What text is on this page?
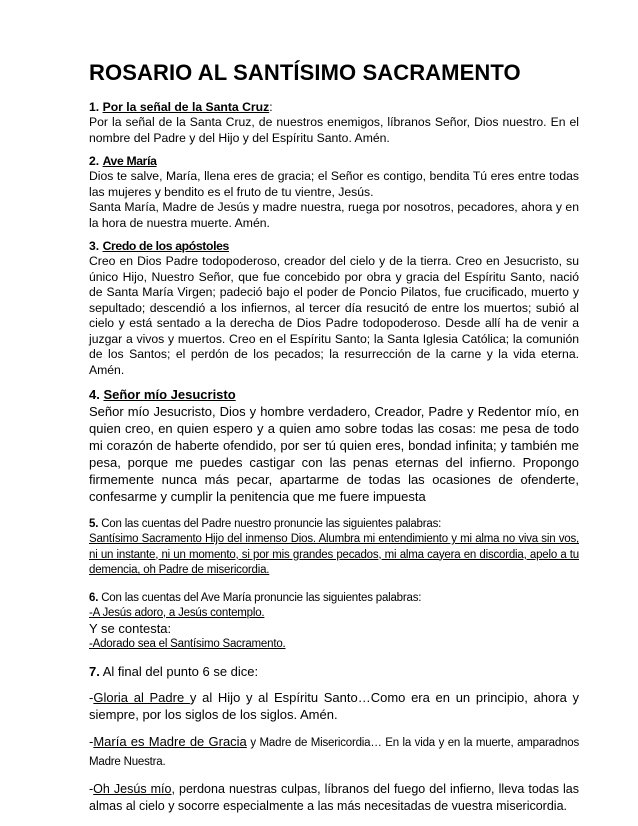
ROSARIO AL SANTÍSIMO SACRAMENTO
1. Por la señal de la Santa Cruz:

Por la señal de la Santa Cruz, de nuestros enemigos, líbranos Señor, Dios nuestro. En el nombre del Padre y del Hijo y del Espíritu Santo. Amén.

2. Ave María

Dios te salve, María, llena eres de gracia; el Señor es contigo, bendita Tú eres entre todas las mujeres y bendito es el fruto de tu vientre, Jesús.

Santa María, Madre de Jesús y madre nuestra, ruega por nosotros, pecadores, ahora y en la hora de nuestra muerte. Amén.

3. Credo de los apóstoles

Creo en Dios Padre todopoderoso, creador del cielo y de la tierra. Creo en Jesucristo, su único Hijo, Nuestro Señor, que fue concebido por obra y gracia del Espíritu Santo, nació de Santa María Virgen; padeció bajo el poder de Poncio Pilatos, fue crucificado, muerto y sepultado; descendió a los infiernos, al tercer día resucitó de entre los muertos; subió al cielo y está sentado a la derecha de Dios Padre todopoderoso. Desde allí ha de venir a juzgar a vivos y muertos. Creo en el Espíritu Santo; la Santa Iglesia Católica; la comunión de los Santos; el perdón de los pecados; la resurrección de la carne y la vida eterna. Amén.

4. Señor mío Jesucristo

Señor mío Jesucristo, Dios y hombre verdadero, Creador, Padre y Redentor mío, en quien creo, en quien espero y a quien amo sobre todas las cosas: me pesa de todo mi corazón de haberte ofendido, por ser tú quien eres, bondad infinita; y también me pesa, porque me puedes castigar con las penas eternas del infierno. Propongo firmemente nunca más pecar, apartarme de todas las ocasiones de ofenderte, confesarme y cumplir la penitencia que me fuere impuesta

5. Con las cuentas del Padre nuestro pronuncie las siguientes palabras:

Santísimo Sacramento Hijo del inmenso Dios. Alumbra mi entendimiento y mi alma no viva sin vos, ni un instante, ni un momento, si por mis grandes pecados, mi alma cayera en discordia, apelo a tu demencia, oh Padre de misericordia.

6. Con las cuentas del Ave María pronuncie las siguientes palabras:
-A Jesús adoro, a Jesús contemplo.
Y se contesta:
-Adorado sea el Santísimo Sacramento.
7. Al final del punto 6 se dice:

-Gloria al Padre y al Hijo y al Espíritu Santo…Como era en un principio, ahora y siempre, por los siglos de los siglos. Amén.

-María es Madre de Gracia y Madre de Misericordia… En la vida y en la muerte, amparadnos Madre Nuestra.

-Oh Jesús mío, perdona nuestras culpas, líbranos del fuego del infierno, lleva todas las almas al cielo y socorre especialmente a las más necesitadas de vuestra misericordia.
